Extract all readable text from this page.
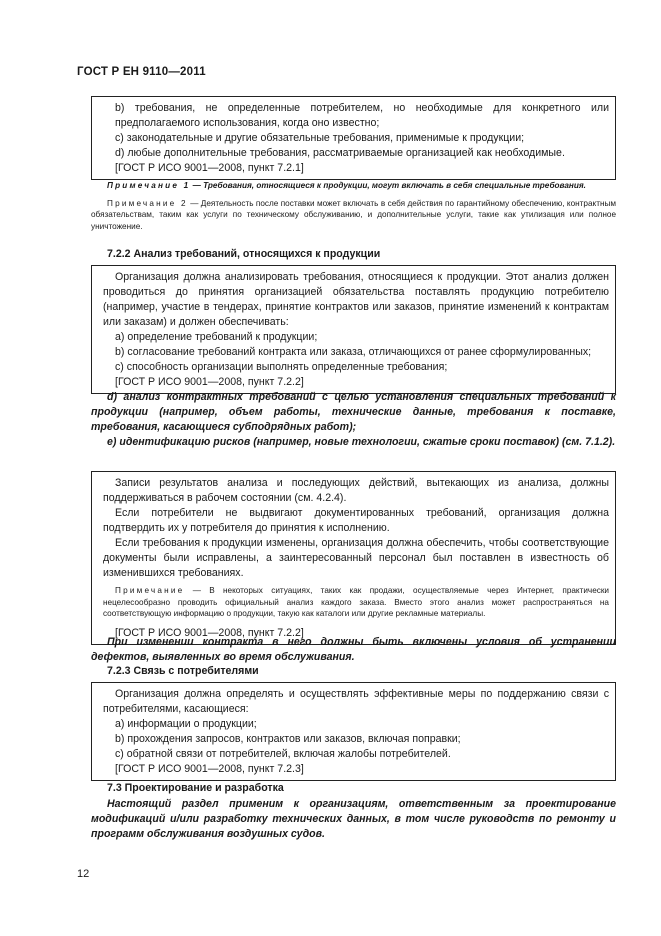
ГОСТ Р ЕН 9110—2011

b) требования, не определенные потребителем, но необходимые для конкретного или предполагаемого использования, когда оно известно;

c) законодательные и другие обязательные требования, применимые к продукции;

d) любые дополнительные требования, рассматриваемые организацией как необходимые.

[ГОСТ Р ИСО 9001—2008, пункт 7.2.1]

Примечание 1 — Требования, относящиеся к продукции, могут включать в себя специальные требования.

Примечание 2 — Деятельность после поставки может включать в себя действия по гарантийному обеспечению, контрактным обязательствам, таким как услуги по техническому обслуживанию, и дополнительные услуги, такие как утилизация или полное уничтожение.

7.2.2 Анализ требований, относящихся к продукции

Организация должна анализировать требования, относящиеся к продукции. Этот анализ должен проводиться до принятия организацией обязательства поставлять продукцию потребителю (например, участие в тендерах, принятие контрактов или заказов, принятие изменений к контрактам или заказам) и должен обеспечивать:

a) определение требований к продукции;

b) согласование требований контракта или заказа, отличающихся от ранее сформулированных;

c) способность организации выполнять определенные требования;

[ГОСТ Р ИСО 9001—2008, пункт 7.2.2]

d) анализ контрактных требований с целью установления специальных требований к продукции (например, объем работы, технические данные, требования к поставке, требования, касающиеся субподрядных работ);

e) идентификацию рисков (например, новые технологии, сжатые сроки поставок) (см. 7.1.2).

Записи результатов анализа и последующих действий, вытекающих из анализа, должны поддерживаться в рабочем состоянии (см. 4.2.4).

Если потребители не выдвигают документированных требований, организация должна подтвердить их у потребителя до принятия к исполнению.

Если требования к продукции изменены, организация должна обеспечить, чтобы соответствующие документы были исправлены, а заинтересованный персонал был поставлен в известность об изменившихся требованиях.

Примечание — В некоторых ситуациях, таких как продажи, осуществляемые через Интернет, практически нецелесообразно проводить официальный анализ каждого заказа. Вместо этого анализ может распространяться на соответствующую информацию о продукции, такую как каталоги или другие рекламные материалы.

[ГОСТ Р ИСО 9001—2008, пункт 7.2.2]

При изменении контракта в него должны быть включены условия об устранении дефектов, выявленных во время обслуживания.

7.2.3 Связь с потребителями

Организация должна определять и осуществлять эффективные меры по поддержанию связи с потребителями, касающиеся:

a) информации о продукции;

b) прохождения запросов, контрактов или заказов, включая поправки;

c) обратной связи от потребителей, включая жалобы потребителей.

[ГОСТ Р ИСО 9001—2008, пункт 7.2.3]

7.3 Проектирование и разработка

Настоящий раздел применим к организациям, ответственным за проектирование модификаций и/или разработку технических данных, в том числе руководств по ремонту и программ обслуживания воздушных судов.

12
